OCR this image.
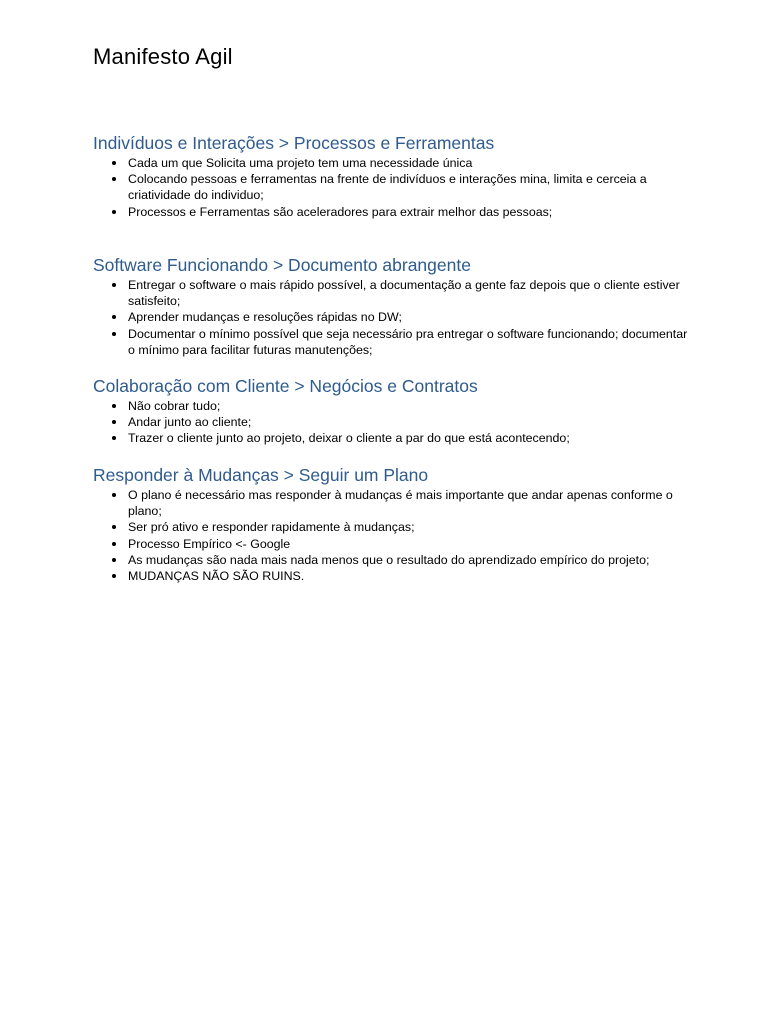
Manifesto Agil
Indivíduos e Interações > Processos e Ferramentas
Cada um que Solicita uma projeto tem uma necessidade única
Colocando pessoas e ferramentas na frente de indivíduos e interações mina, limita e cerceia a criatividade do individuo;
Processos e Ferramentas são aceleradores para extrair melhor das pessoas;
Software Funcionando > Documento abrangente
Entregar o software o mais rápido possível, a documentação a gente faz depois que o cliente estiver satisfeito;
Aprender mudanças e resoluções rápidas no DW;
Documentar o mínimo possível que seja necessário pra entregar o software funcionando; documentar o mínimo para facilitar futuras manutenções;
Colaboração com Cliente > Negócios e Contratos
Não cobrar tudo;
Andar junto ao cliente;
Trazer o cliente junto ao projeto, deixar o cliente a par do que está acontecendo;
Responder à Mudanças > Seguir um Plano
O plano é necessário mas responder à mudanças é mais importante que andar apenas conforme o plano;
Ser pró ativo e responder rapidamente à mudanças;
Processo Empírico <- Google
As mudanças são nada mais nada menos que o resultado do aprendizado empírico do projeto;
MUDANÇAS NÃO SÃO RUINS.
